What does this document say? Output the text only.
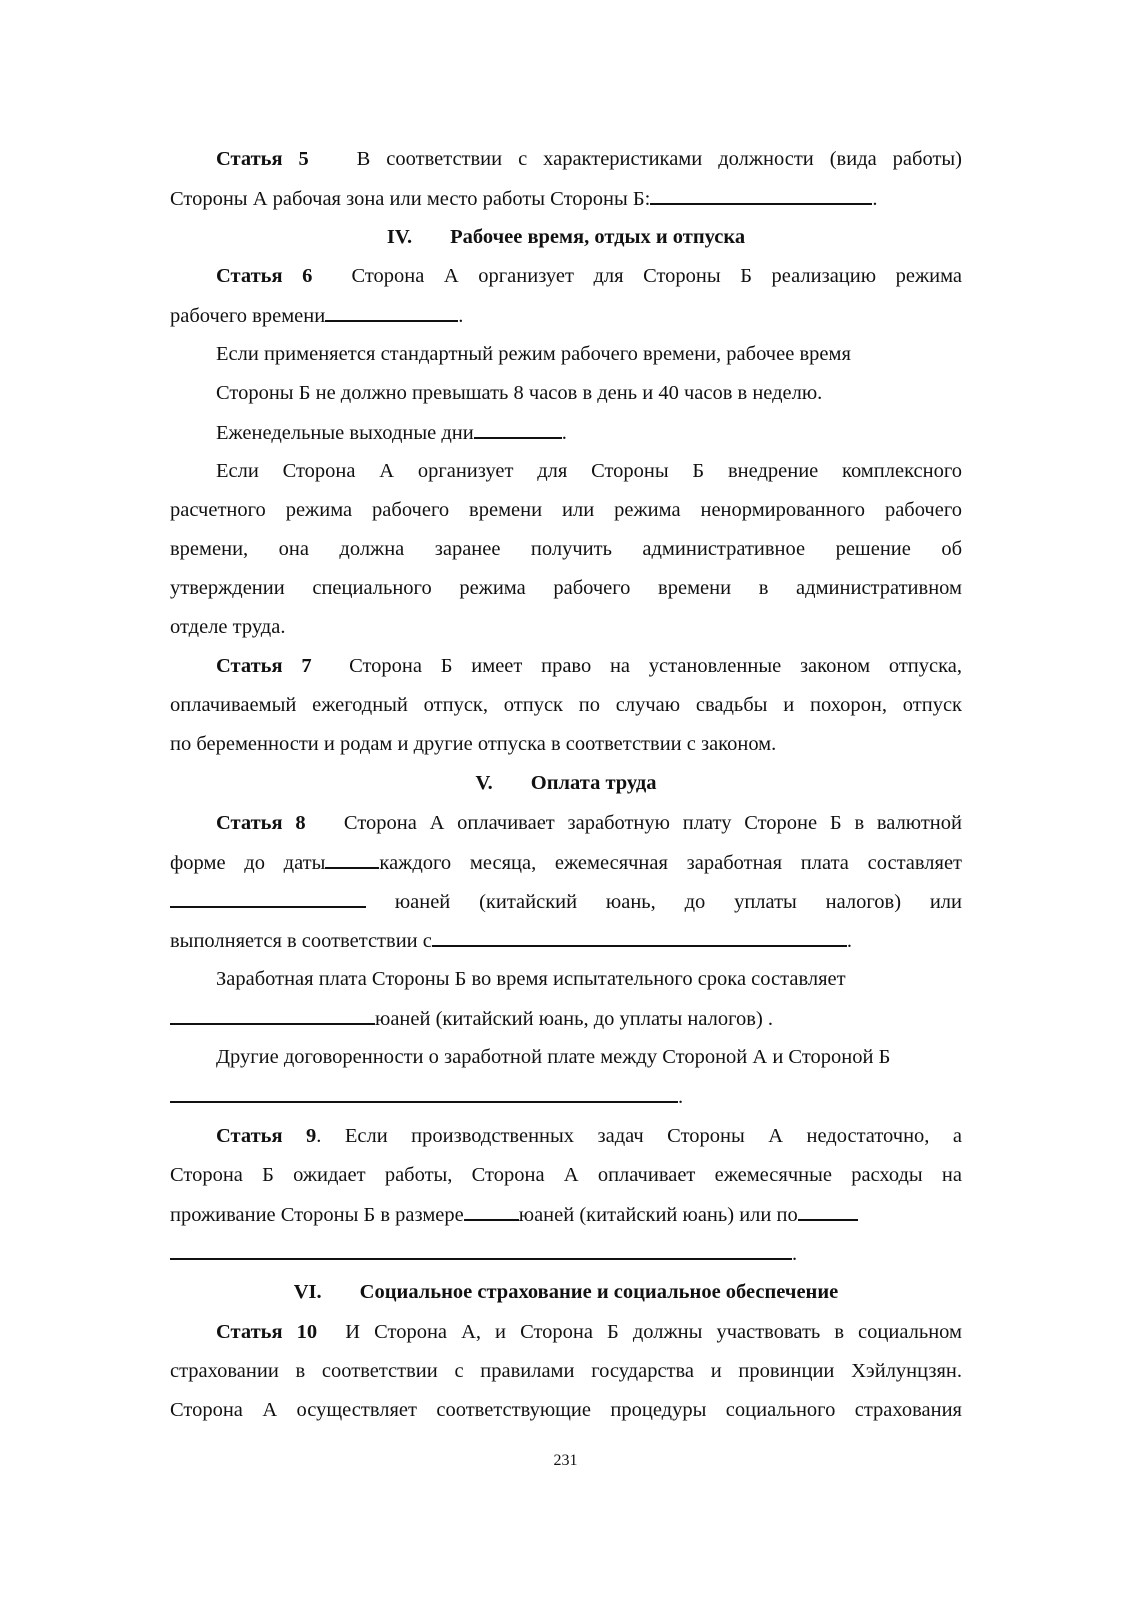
Статья 5 В соответствии с характеристиками должности (вида работы)
Стороны А рабочая зона или место работы Стороны Б:	.
IV. Рабочее время, отдых и отпуска
Статья 6 Сторона А организует для Стороны Б реализацию режима
рабочего времени	.
Если применяется стандартный режим рабочего времени, рабочее время
Стороны Б не должно превышать 8 часов в день и 40 часов в неделю.
Еженедельные выходные дни	.
Если Сторона А организует для Стороны Б внедрение комплексного
расчетного режима рабочего времени или режима ненормированного рабочего
времени, она должна заранее получить административное решение об
утверждении специального режима рабочего времени в административном
отделе труда.
Статья 7 Сторона Б имеет право на установленные законом отпуска,
оплачиваемый ежегодный отпуск, отпуск по случаю свадьбы и похорон, отпуск
по беременности и родам и другие отпуска в соответствии с законом.
V. Оплата труда
Статья 8 Сторона А оплачивает заработную плату Стороне Б в валютной
форме до даты	каждого месяца, ежемесячная заработная плата составляет
юаней (китайский юань, до уплаты налогов) или
выполняется в соответствии с	.
Заработная плата Стороны Б во время испытательного срока составляет
юаней (китайский юань, до уплаты налогов) .
Другие договоренности о заработной плате между Стороной А и Стороной Б
.
Статья 9. Если производственных задач Стороны А недостаточно, а
Сторона Б ожидает работы, Сторона А оплачивает ежемесячные расходы на
проживание Стороны Б в размере	юаней (китайский юань) или по
.
VI. Социальное страхование и социальное обеспечение
Статья 10 И Сторона А, и Сторона Б должны участвовать в социальном
страховании в соответствии с правилами государства и провинции Хэйлунцзян.
Сторона А осуществляет соответствующие процедуры социального страхования
231
